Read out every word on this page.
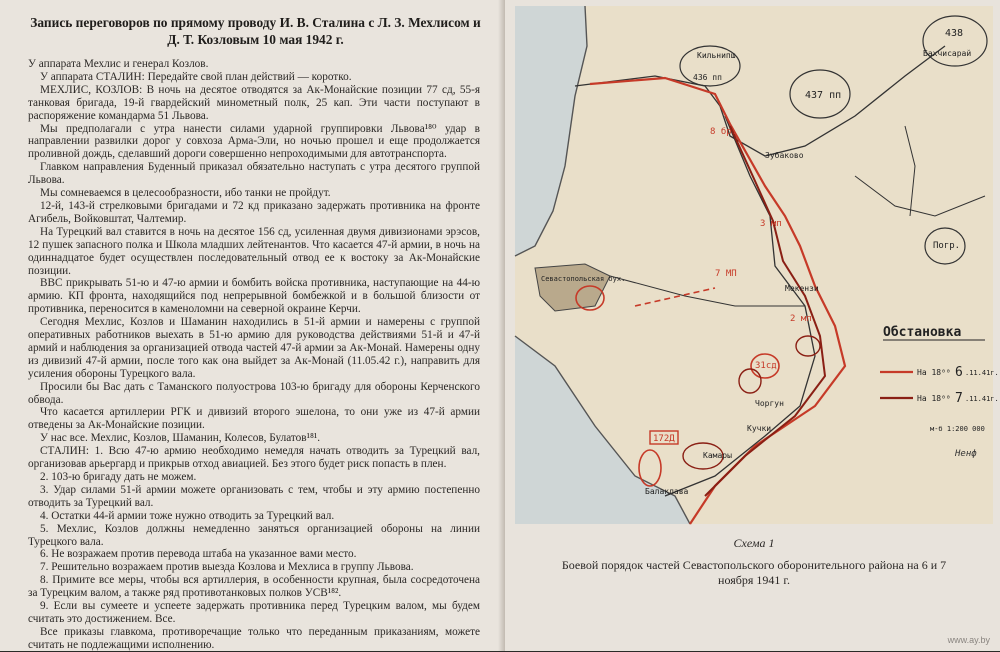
Запись переговоров по прямому проводу И. В. Сталина с Л. З. Мехлисом и Д. Т. Козловым 10 мая 1942 г.

У аппарата Мехлис и генерал Козлов.

У аппарата СТАЛИН: Передайте свой план действий — коротко.

МЕХЛИС, КОЗЛОВ: В ночь на десятое отводятся за Ак-Монайские позиции 77 сд, 55-я танковая бригада, 19-й гвардейский минометный полк, 25 кап. Эти части поступают в распоряжение командарма 51 Львова.

Мы предполагали с утра нанести силами ударной группировки Львова¹⁸⁰ удар в направлении развилки дорог у совхоза Арма-Эли, но ночью прошел и еще продолжается проливной дождь, сделавший дороги совершенно непроходимыми для автотранспорта.

Главком направления Буденный приказал обязательно наступать с утра десятого группой Львова.

Мы сомневаемся в целесообразности, ибо танки не пройдут.

12-й, 143-й стрелковыми бригадами и 72 кд приказано задержать противника на фронте Агибель, Войковштат, Чалтемир.

На Турецкий вал ставится в ночь на десятое 156 сд, усиленная двумя дивизионами эрэсов, 12 пушек запасного полка и Школа младших лейтенантов. Что касается 47-й армии, в ночь на одиннадцатое будет осуществлен последовательный отвод ее к востоку за Ак-Монайские позиции.

ВВС прикрывать 51-ю и 47-ю армии и бомбить войска противника, наступающие на 44-ю армию. КП фронта, находящийся под непрерывной бомбежкой и в большой близости от противника, переносится в каменоломни на северной окраине Керчи.

Сегодня Мехлис, Козлов и Шаманин находились в 51-й армии и намерены с группой оперативных работников выехать в 51-ю армию для руководства действиями 51-й и 47-й армий и наблюдения за организацией отвода частей 47-й армии за Ак-Монай. Намерены одну из дивизий 47-й армии, после того как она выйдет за Ак-Монай (11.05.42 г.), направить для усиления обороны Турецкого вала.

Просили бы Вас дать с Таманского полуострова 103-ю бригаду для обороны Керченского обвода.

Что касается артиллерии РГК и дивизий второго эшелона, то они уже из 47-й армии отведены за Ак-Монайские позиции.

У нас все. Мехлис, Козлов, Шаманин, Колесов, Булатов¹⁸¹.

СТАЛИН: 1. Всю 47-ю армию необходимо немедля начать отводить за Турецкий вал, организовав арьергард и прикрыв отход авиацией. Без этого будет риск попасть в плен.

2. 103-ю бригаду дать не можем.

3. Удар силами 51-й армии можете организовать с тем, чтобы и эту армию постепенно отводить за Турецкий вал.

4. Остатки 44-й армии тоже нужно отводить за Турецкий вал.

5. Мехлис, Козлов должны немедленно заняться организацией обороны на линии Турецкого вала.

6. Не возражаем против перевода штаба на указанное вами место.

7. Решительно возражаем против выезда Козлова и Мехлиса в группу Львова.

8. Примите все меры, чтобы вся артиллерия, в особенности крупная, была сосредоточена за Турецким валом, а также ряд противотанковых полков УСВ¹⁸².

9. Если вы сумеете и успеете задержать противника перед Турецким валом, мы будем считать это достижением. Все.

Все приказы главкома, противоречащие только что переданным приказаниям, можете считать не подлежащими исполнению.

Кильнипш
436 пп
437 пп
438
Бахчисарай
Зубаково
Погр.
Севастопольская бух.
Мекензи
Чоргун
Кучки
Камары
Балаклава
8 бр.
3 мп
7 МП
2 мп
31сд
172Д
Обстановка
На 18⁰⁰ 6 .11.41г.
На 18⁰⁰ 7 .11.41г.
м-б 1:200 000
Ненф
Схема 1
Боевой порядок частей Севастопольского оборонительного района на 6 и 7 ноября 1941 г.
www.ay.by
